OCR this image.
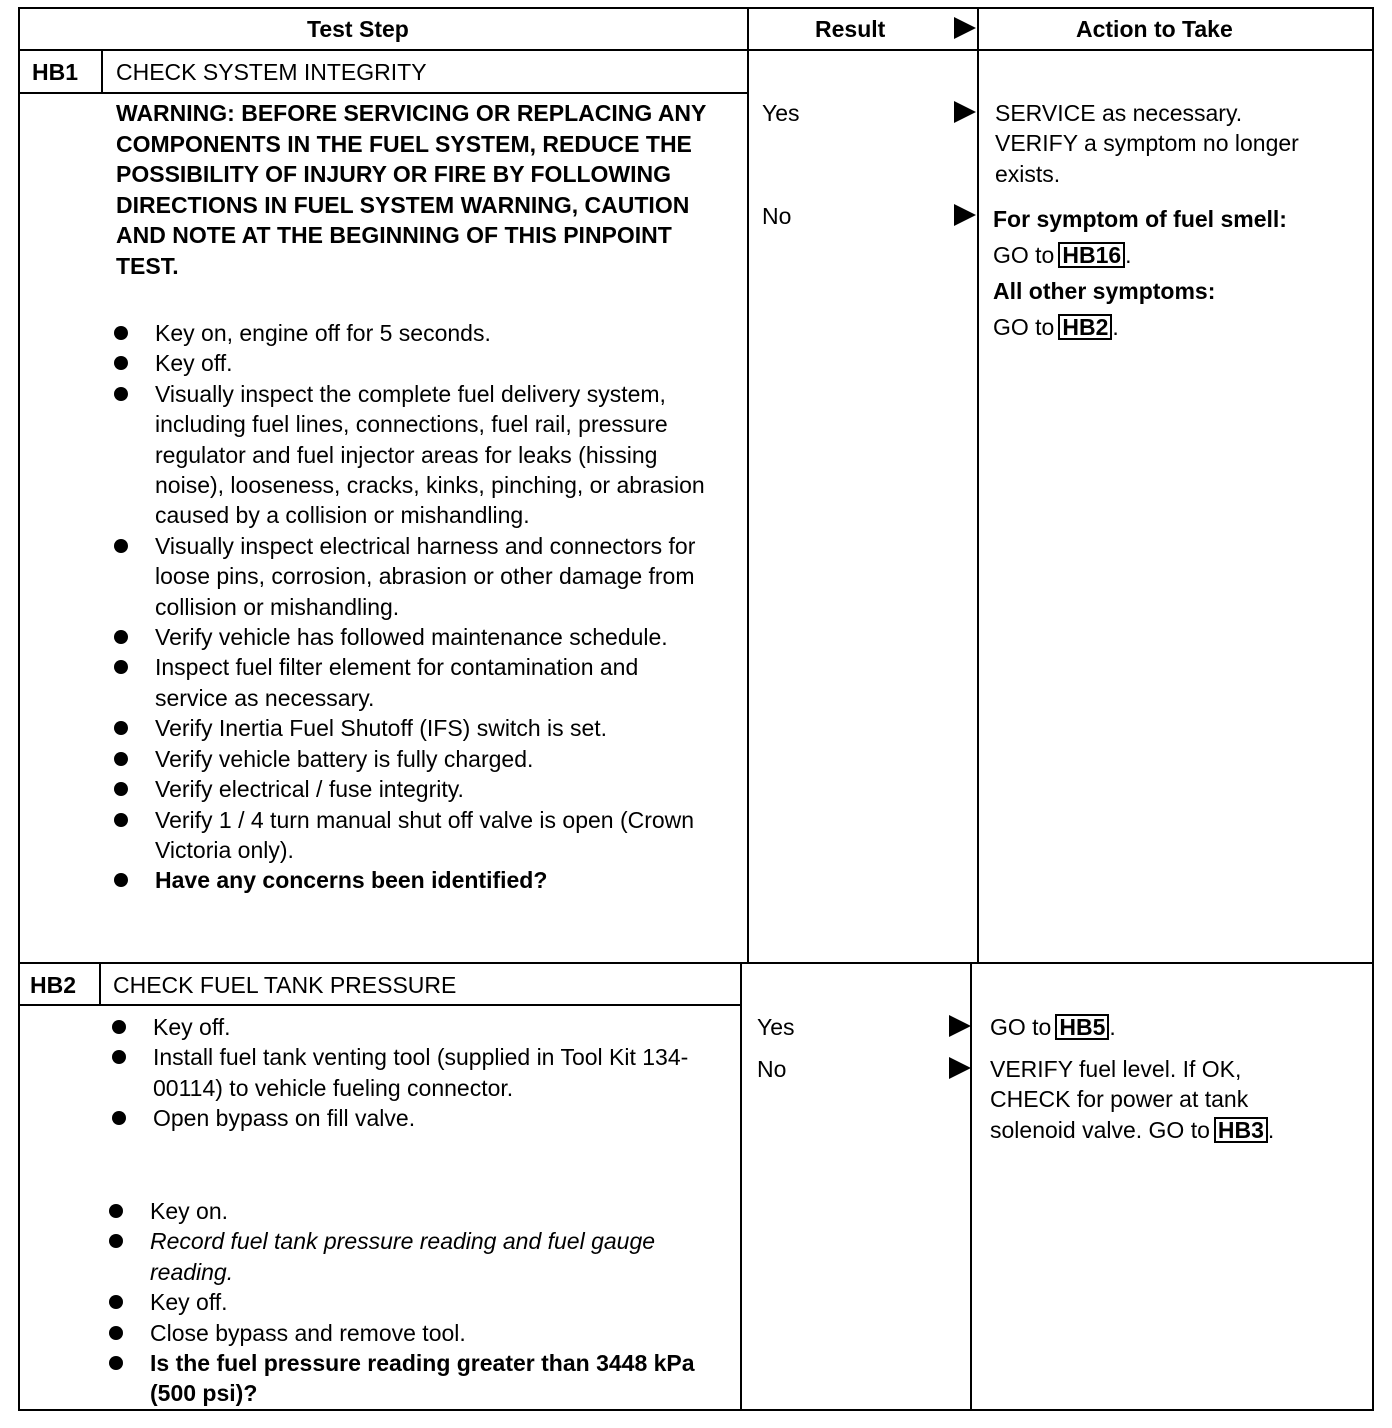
Test Step	Result	Action to Take
HB1 CHECK SYSTEM INTEGRITY
WARNING: BEFORE SERVICING OR REPLACING ANY COMPONENTS IN THE FUEL SYSTEM, REDUCE THE POSSIBILITY OF INJURY OR FIRE BY FOLLOWING DIRECTIONS IN FUEL SYSTEM WARNING, CAUTION AND NOTE AT THE BEGINNING OF THIS PINPOINT TEST.
Key on, engine off for 5 seconds.
Key off.
Visually inspect the complete fuel delivery system, including fuel lines, connections, fuel rail, pressure regulator and fuel injector areas for leaks (hissing noise), looseness, cracks, kinks, pinching, or abrasion caused by a collision or mishandling.
Visually inspect electrical harness and connectors for loose pins, corrosion, abrasion or other damage from collision or mishandling.
Verify vehicle has followed maintenance schedule.
Inspect fuel filter element for contamination and service as necessary.
Verify Inertia Fuel Shutoff (IFS) switch is set.
Verify vehicle battery is fully charged.
Verify electrical / fuse integrity.
Verify 1 / 4 turn manual shut off valve is open (Crown Victoria only).
Have any concerns been identified?
Yes
No

SERVICE as necessary.

VERIFY a symptom no longer

exists.

For symptom of fuel smell:

GO to HB16 .

All other symptoms:

GO to HB2 .

HB2 CHECK FUEL TANK PRESSURE
Key off.
Install fuel tank venting tool (supplied in Tool Kit 134-00114) to vehicle fueling connector.
Open bypass on fill valve.
Key on.
Record fuel tank pressure reading and fuel gauge reading.
Key off.
Close bypass and remove tool.
Is the fuel pressure reading greater than 3448 kPa (500 psi)?
Yes
No

GO to HB5 .

VERIFY fuel level. If OK,

CHECK for power at tank

solenoid valve. GO to HB3 .
